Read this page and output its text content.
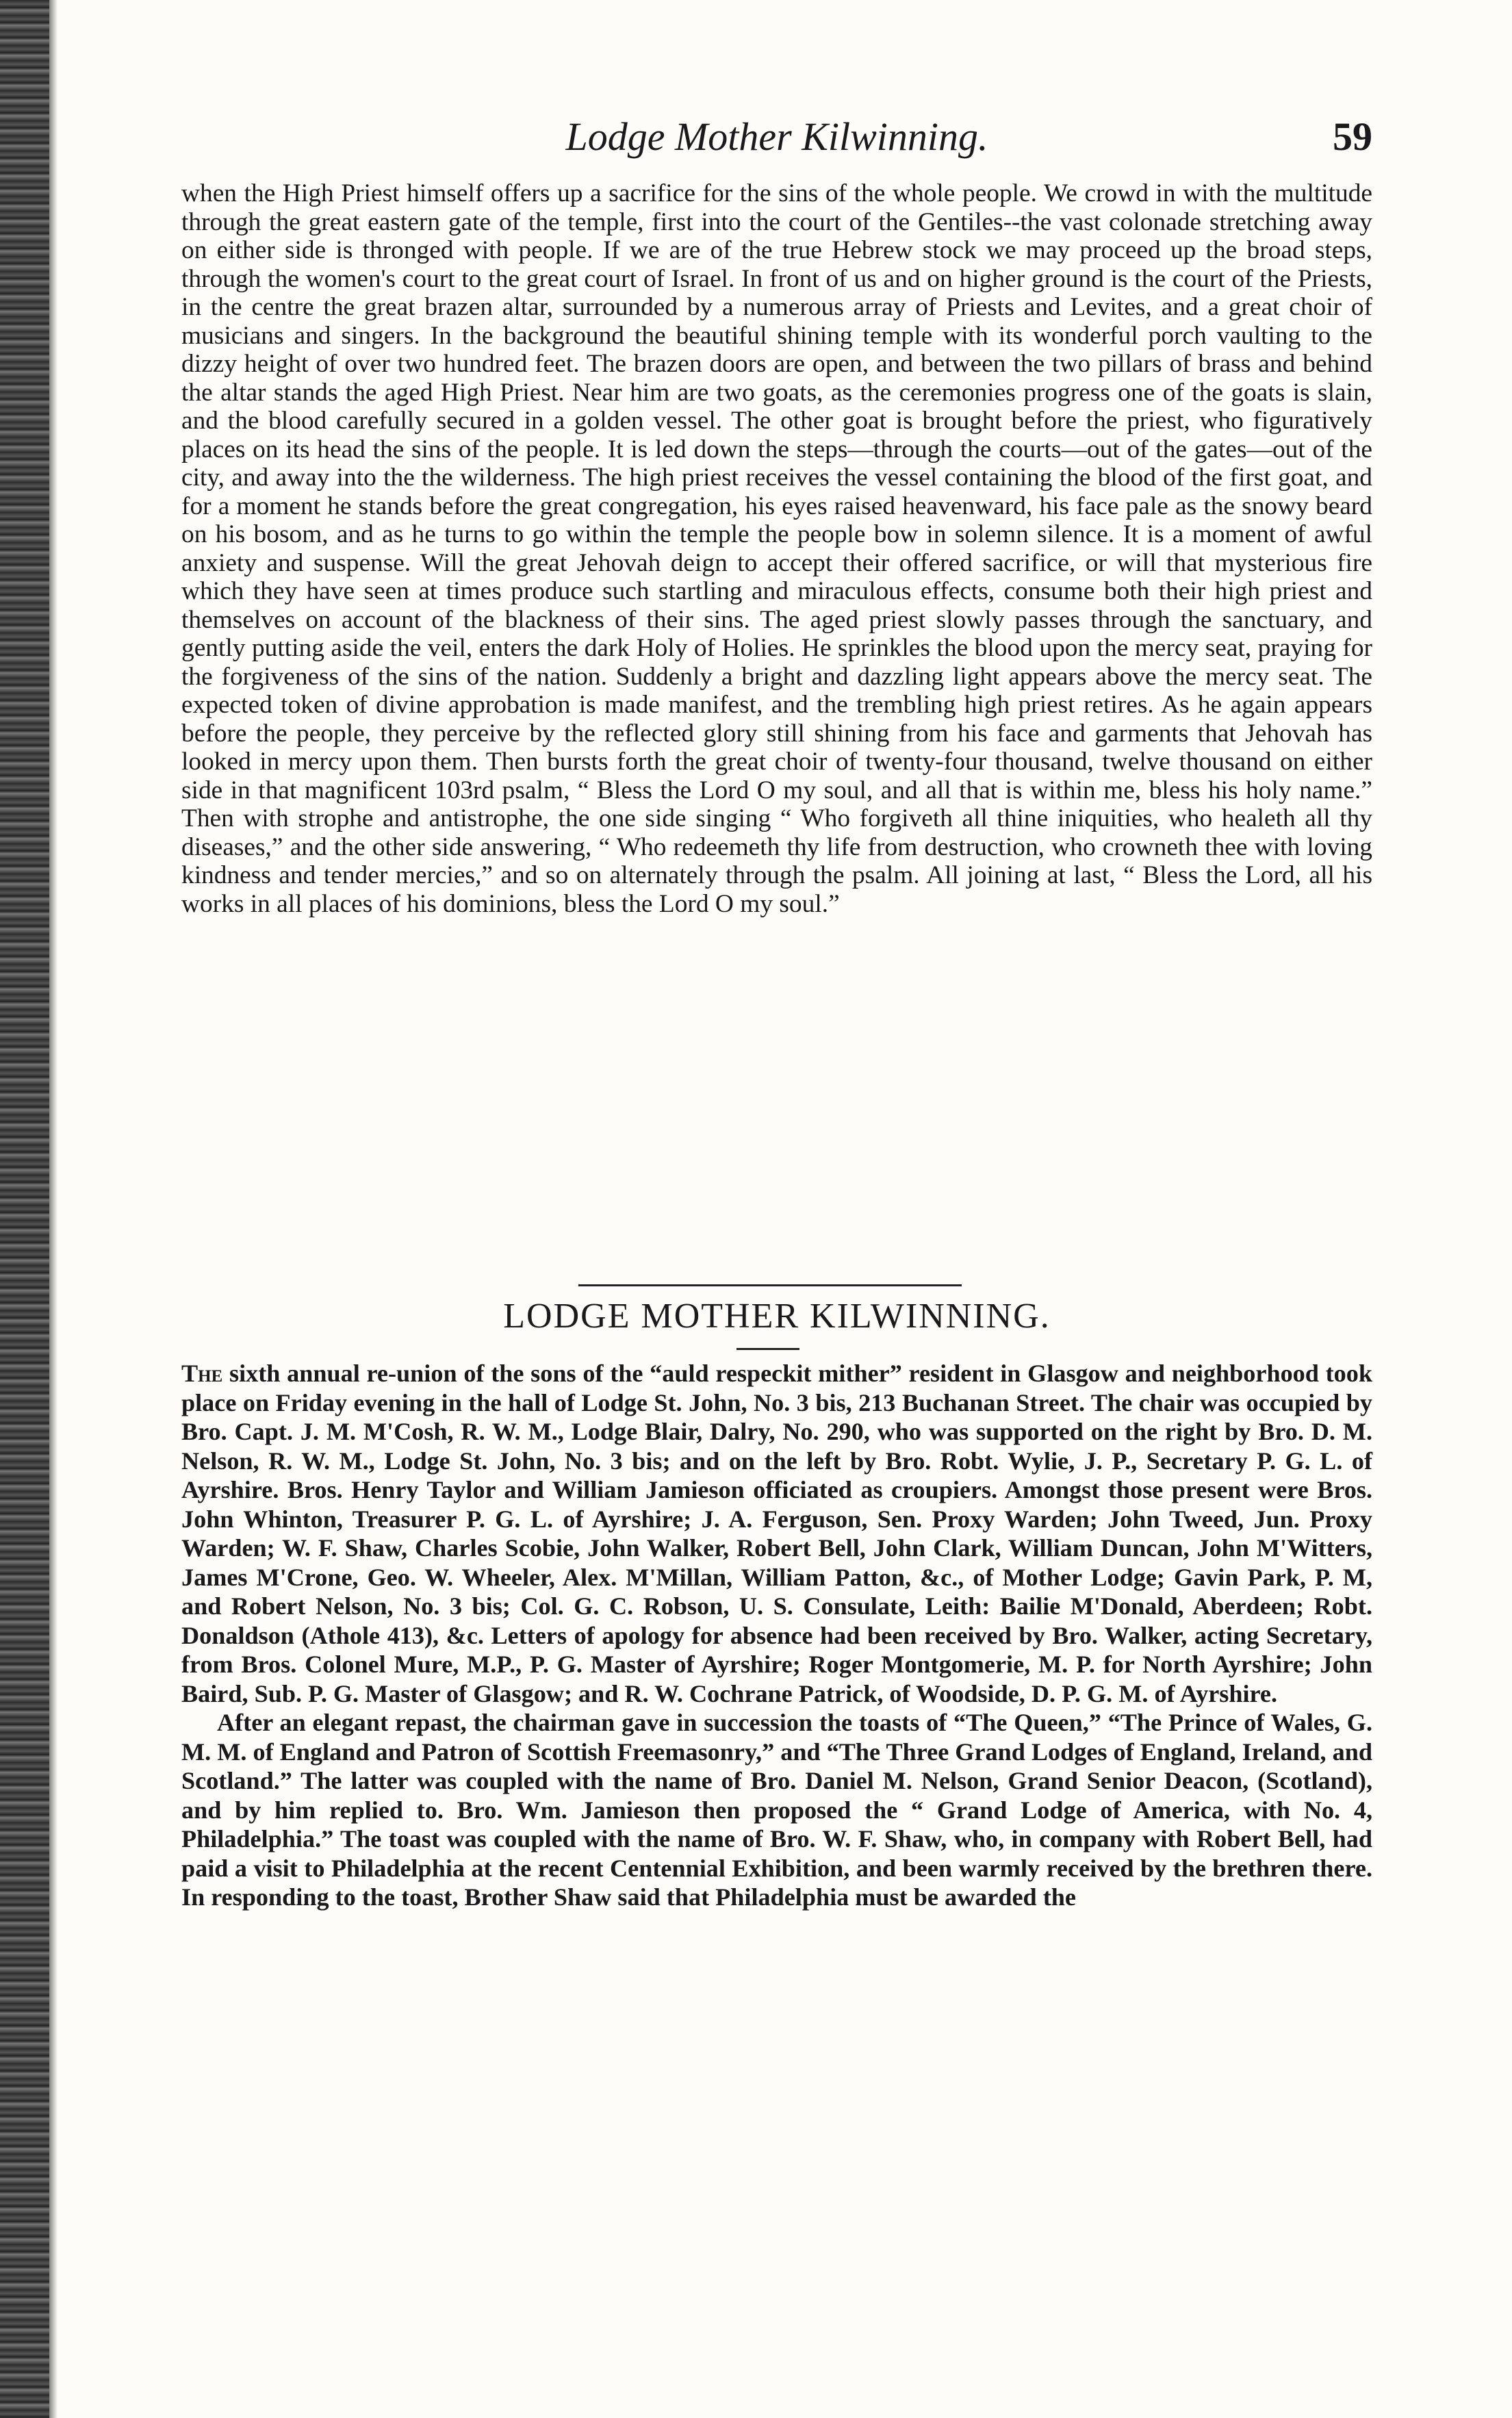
Lodge Mother Kilwinning.	59

when the High Priest himself offers up a sacrifice for the sins of the whole people. We crowd in with the multitude through the great eastern gate of the temple, first into the court of the Gentiles--the vast colonade stretching away on either side is thronged with people. If we are of the true Hebrew stock we may proceed up the broad steps, through the women's court to the great court of Israel. In front of us and on higher ground is the court of the Priests, in the centre the great brazen altar, surrounded by a numerous array of Priests and Levites, and a great choir of musicians and singers. In the background the beautiful shining temple with its wonderful porch vaulting to the dizzy height of over two hundred feet. The brazen doors are open, and between the two pillars of brass and behind the altar stands the aged High Priest. Near him are two goats, as the ceremonies progress one of the goats is slain, and the blood carefully secured in a golden vessel. The other goat is brought before the priest, who figuratively places on its head the sins of the people. It is led down the steps—through the courts—out of the gates—out of the city, and away into the the wilderness. The high priest receives the vessel containing the blood of the first goat, and for a moment he stands before the great congregation, his eyes raised heavenward, his face pale as the snowy beard on his bosom, and as he turns to go within the temple the people bow in solemn silence. It is a moment of awful anxiety and suspense. Will the great Jehovah deign to accept their offered sacrifice, or will that mysterious fire which they have seen at times produce such startling and miraculous effects, consume both their high priest and themselves on account of the blackness of their sins. The aged priest slowly passes through the sanctuary, and gently putting aside the veil, enters the dark Holy of Holies. He sprinkles the blood upon the mercy seat, praying for the forgiveness of the sins of the nation. Suddenly a bright and dazzling light appears above the mercy seat. The expected token of divine approbation is made manifest, and the trembling high priest retires. As he again appears before the people, they perceive by the reflected glory still shining from his face and garments that Jehovah has looked in mercy upon them. Then bursts forth the great choir of twenty-four thousand, twelve thousand on either side in that magnificent 103rd psalm, “ Bless the Lord O my soul, and all that is within me, bless his holy name.” Then with strophe and antistrophe, the one side singing “ Who forgiveth all thine iniquities, who healeth all thy diseases,” and the other side answering, “ Who redeemeth thy life from destruction, who crowneth thee with loving kindness and tender mercies,” and so on alternately through the psalm. All joining at last, “ Bless the Lord, all his works in all places of his dominions, bless the Lord O my soul.”

LODGE MOTHER KILWINNING.

The sixth annual re-union of the sons of the “auld respeckit mither” resident in Glasgow and neighborhood took place on Friday evening in the hall of Lodge St. John, No. 3 bis, 213 Buchanan Street. The chair was occupied by Bro. Capt. J. M. M'Cosh, R. W. M., Lodge Blair, Dalry, No. 290, who was supported on the right by Bro. D. M. Nelson, R. W. M., Lodge St. John, No. 3 bis; and on the left by Bro. Robt. Wylie, J. P., Secretary P. G. L. of Ayrshire. Bros. Henry Taylor and William Jamieson officiated as croupiers. Amongst those present were Bros. John Whinton, Treasurer P. G. L. of Ayrshire; J. A. Ferguson, Sen. Proxy Warden; John Tweed, Jun. Proxy Warden; W. F. Shaw, Charles Scobie, John Walker, Robert Bell, John Clark, William Duncan, John M'Witters, James M'Crone, Geo. W. Wheeler, Alex. M'Millan, William Patton, &c., of Mother Lodge; Gavin Park, P. M, and Robert Nelson, No. 3 bis; Col. G. C. Robson, U. S. Consulate, Leith: Bailie M'Donald, Aberdeen; Robt. Donaldson (Athole 413), &c. Letters of apology for absence had been received by Bro. Walker, acting Secretary, from Bros. Colonel Mure, M.P., P. G. Master of Ayrshire; Roger Montgomerie, M. P. for North Ayrshire; John Baird, Sub. P. G. Master of Glasgow; and R. W. Cochrane Patrick, of Woodside, D. P. G. M. of Ayrshire.

After an elegant repast, the chairman gave in succession the toasts of “The Queen,” “The Prince of Wales, G. M. M. of England and Patron of Scottish Freemasonry,” and “The Three Grand Lodges of England, Ireland, and Scotland.” The latter was coupled with the name of Bro. Daniel M. Nelson, Grand Senior Deacon, (Scotland), and by him replied to. Bro. Wm. Jamieson then proposed the “ Grand Lodge of America, with No. 4, Philadelphia.” The toast was coupled with the name of Bro. W. F. Shaw, who, in company with Robert Bell, had paid a visit to Philadelphia at the recent Centennial Exhibition, and been warmly received by the brethren there. In responding to the toast, Brother Shaw said that Philadelphia must be awarded the
